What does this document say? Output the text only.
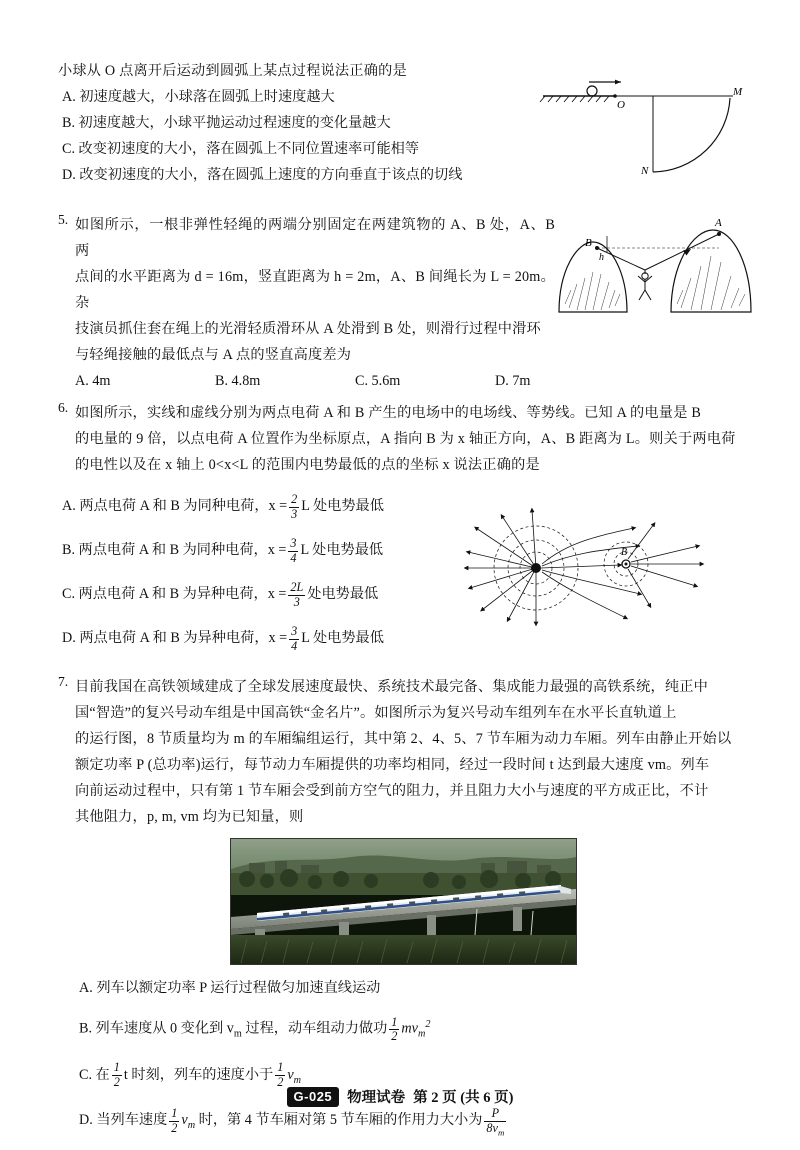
小球从 O 点离开后运动到圆弧上某点过程说法正确的是
A. 初速度越大，小球落在圆弧上时速度越大
B. 初速度越大，小球平抛运动过程速度的变化量越大
C. 改变初速度的大小，落在圆弧上不同位置速率可能相等
D. 改变初速度的大小，落在圆弧上速度的方向垂直于该点的切线
O
M
N
5. 如图所示，一根非弹性轻绳的两端分别固定在两建筑物的 A、B 处，A、B 两
点间的水平距离为 d = 16m，竖直距离为 h = 2m，A、B 间绳长为 L = 20m。杂
技演员抓住套在绳上的光滑轻质滑环从 A 处滑到 B 处，则滑行过程中滑环
与轻绳接触的最低点与 A 点的竖直高度差为
A. 4m	B. 4.8m	C. 5.6m	D. 7m
A
B
h
6. 如图所示，实线和虚线分别为两点电荷 A 和 B 产生的电场中的电场线、等势线。已知 A 的电量是 B
的电量的 9 倍，以点电荷 A 位置作为坐标原点，A 指向 B 为 x 轴正方向，A、B 距离为 L。则关于两电荷
的电性以及在 x 轴上 0<x<L 的范围内电势最低的点的坐标 x 说法正确的是
A. 两点电荷 A 和 B 为同种电荷，$x = \frac{2}{3}$ L 处电势最低
B. 两点电荷 A 和 B 为同种电荷，$x = \frac{3}{4}$ L 处电势最低
C. 两点电荷 A 和 B 为异种电荷，$x = \frac{2L}{3}$ 处电势最低
D. 两点电荷 A 和 B 为异种电荷，$x = \frac{3}{4}$ L 处电势最低
B
7. 目前我国在高铁领域建成了全球发展速度最快、系统技术最完备、集成能力最强的高铁系统，纯正中
国“智造”的复兴号动车组是中国高铁“金名片”。如图所示为复兴号动车组列车在水平长直轨道上
的运行图，8 节质量均为 m 的车厢编组运行，其中第 2、4、5、7 节车厢为动力车厢。列车由静止开始以
额定功率 P (总功率)运行，每节动力车厢提供的功率均相同，经过一段时间 t 达到最大速度 vm。列车
向前运动过程中，只有第 1 节车厢会受到前方空气的阻力，并且阻力大小与速度的平方成正比，不计
其他阻力，p, m, vm 均为已知量，则
A. 列车以额定功率 P 运行过程做匀加速直线运动
B. 列车速度从 0 变化到 $v_m$ 过程，动车组动力做功 $\frac{1}{2} mv_m^2$
C. 在 $\frac{1}{2}$ t 时刻，列车的速度小于 $\frac{1}{2} v_m$
D. 当列车速度 $\frac{1}{2} v_m$ 时，第 4 节车厢对第 5 节车厢的作用力大小为 $\frac{P}{8v_m}$
G-025	物理试卷 第 2 页 (共 6 页)
